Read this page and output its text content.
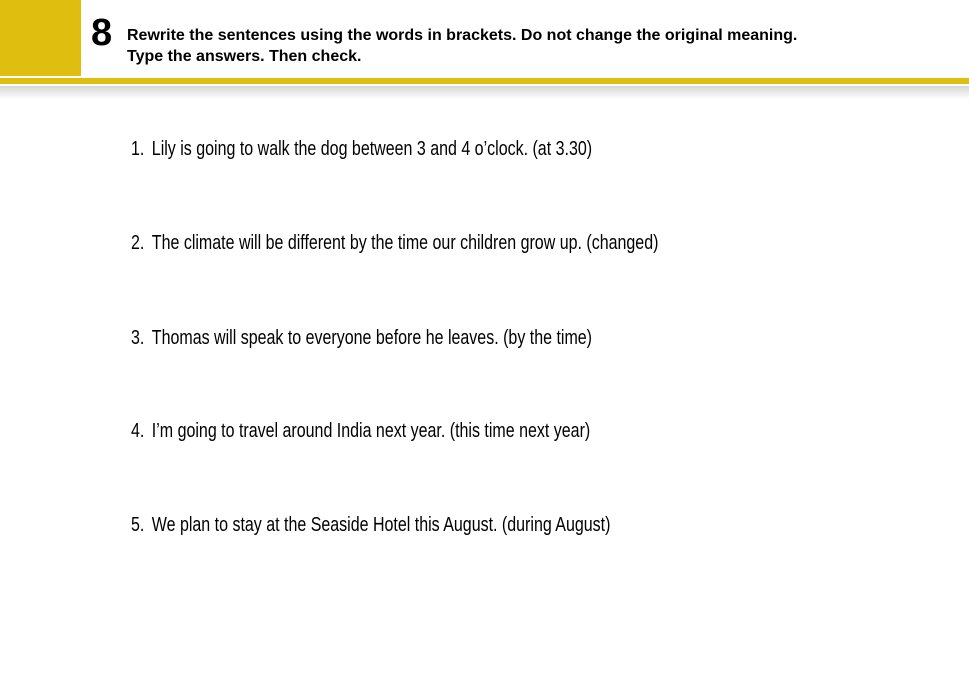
8 Rewrite the sentences using the words in brackets. Do not change the original meaning.
Type the answers. Then check.
1. Lily is going to walk the dog between 3 and 4 o’clock. (at 3.30)
2. The climate will be different by the time our children grow up. (changed)
3. Thomas will speak to everyone before he leaves. (by the time)
4. I’m going to travel around India next year. (this time next year)
5. We plan to stay at the Seaside Hotel this August. (during August)
